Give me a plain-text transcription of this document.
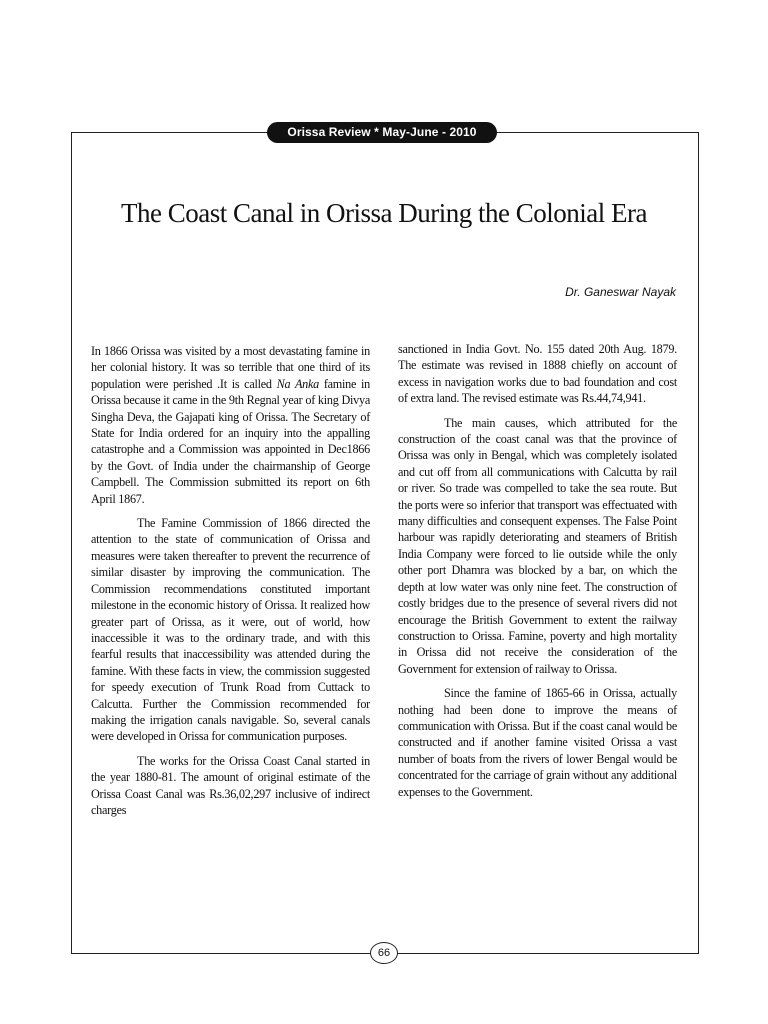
Orissa Review * May-June - 2010
The Coast Canal in Orissa During the Colonial Era
Dr. Ganeswar Nayak

In 1866 Orissa was visited by a most devastating famine in her colonial history. It was so terrible that one third of its population were perished .It is called Na Anka famine in Orissa because it came in the 9th Regnal year of king Divya Singha Deva, the Gajapati king of Orissa. The Secretary of State for India ordered for an inquiry into the appalling catastrophe and a Commission was appointed in Dec1866 by the Govt. of India under the chairmanship of George Campbell. The Commission submitted its report on 6th April 1867.

The Famine Commission of 1866 directed the attention to the state of communication of Orissa and measures were taken thereafter to prevent the recurrence of similar disaster by improving the communication. The Commission recommendations constituted important milestone in the economic history of Orissa. It realized how greater part of Orissa, as it were, out of world, how inaccessible it was to the ordinary trade, and with this fearful results that inaccessibility was attended during the famine. With these facts in view, the commission suggested for speedy execution of Trunk Road from Cuttack to Calcutta. Further the Commission recommended for making the irrigation canals navigable. So, several canals were developed in Orissa for communication purposes.

The works for the Orissa Coast Canal started in the year 1880-81. The amount of original estimate of the Orissa Coast Canal was Rs.36,02,297 inclusive of indirect charges

sanctioned in India Govt. No. 155 dated 20th Aug. 1879. The estimate was revised in 1888 chiefly on account of excess in navigation works due to bad foundation and cost of extra land. The revised estimate was Rs.44,74,941.

The main causes, which attributed for the construction of the coast canal was that the province of Orissa was only in Bengal, which was completely isolated and cut off from all communications with Calcutta by rail or river. So trade was compelled to take the sea route. But the ports were so inferior that transport was effectuated with many difficulties and consequent expenses. The False Point harbour was rapidly deteriorating and steamers of British India Company were forced to lie outside while the only other port Dhamra was blocked by a bar, on which the depth at low water was only nine feet. The construction of costly bridges due to the presence of several rivers did not encourage the British Government to extent the railway construction to Orissa. Famine, poverty and high mortality in Orissa did not receive the consideration of the Government for extension of railway to Orissa.

Since the famine of 1865-66 in Orissa, actually nothing had been done to improve the means of communication with Orissa. But if the coast canal would be constructed and if another famine visited Orissa a vast number of boats from the rivers of lower Bengal would be concentrated for the carriage of grain without any additional expenses to the Government.

66
